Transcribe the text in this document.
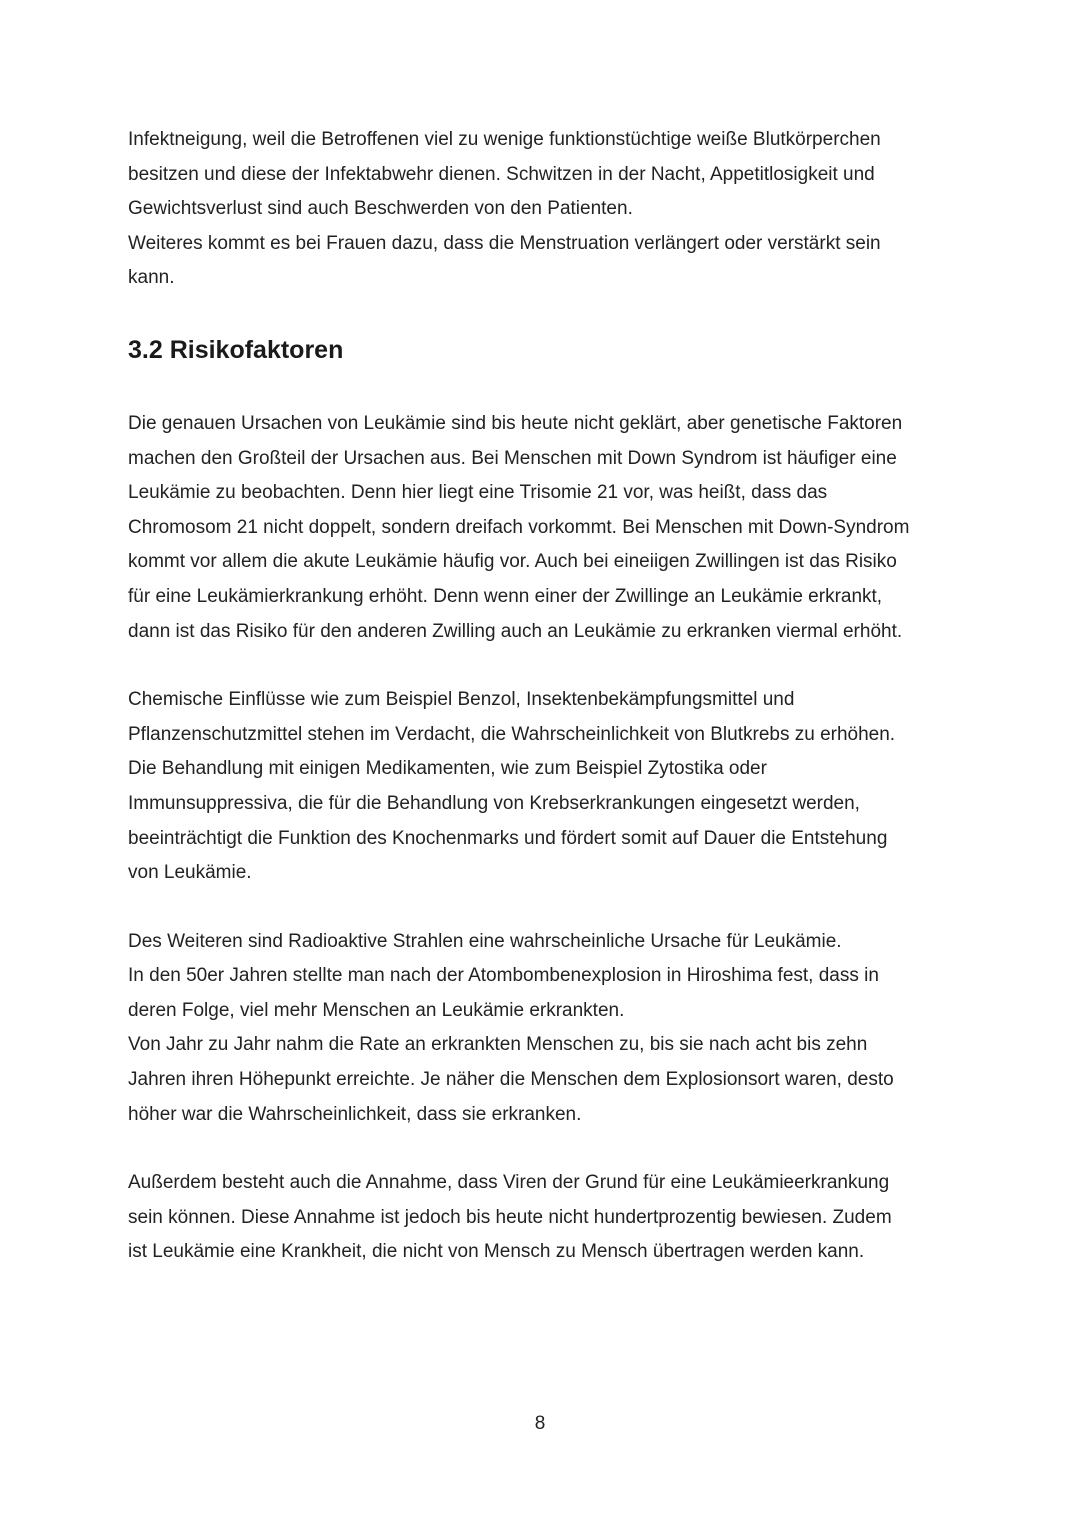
Infektneigung, weil die Betroffenen viel zu wenige funktionstüchtige weiße Blutkörperchen
besitzen und diese der Infektabwehr dienen. Schwitzen in der Nacht, Appetitlosigkeit und
Gewichtsverlust sind auch Beschwerden von den Patienten.
Weiteres kommt es bei Frauen dazu, dass die Menstruation verlängert oder verstärkt sein
kann.

3.2 Risikofaktoren

Die genauen Ursachen von Leukämie sind bis heute nicht geklärt, aber genetische Faktoren
machen den Großteil der Ursachen aus. Bei Menschen mit Down Syndrom ist häufiger eine
Leukämie zu beobachten. Denn hier liegt eine Trisomie 21 vor, was heißt, dass das
Chromosom 21 nicht doppelt, sondern dreifach vorkommt. Bei Menschen mit Down-Syndrom
kommt vor allem die akute Leukämie häufig vor. Auch bei eineiigen Zwillingen ist das Risiko
für eine Leukämierkrankung erhöht. Denn wenn einer der Zwillinge an Leukämie erkrankt,
dann ist das Risiko für den anderen Zwilling auch an Leukämie zu erkranken viermal erhöht.

Chemische Einflüsse wie zum Beispiel Benzol, Insektenbekämpfungsmittel und
Pflanzenschutzmittel stehen im Verdacht, die Wahrscheinlichkeit von Blutkrebs zu erhöhen.
Die Behandlung mit einigen Medikamenten, wie zum Beispiel Zytostika oder
Immunsuppressiva, die für die Behandlung von Krebserkrankungen eingesetzt werden,
beeinträchtigt die Funktion des Knochenmarks und fördert somit auf Dauer die Entstehung
von Leukämie.

Des Weiteren sind Radioaktive Strahlen eine wahrscheinliche Ursache für Leukämie.
In den 50er Jahren stellte man nach der Atombombenexplosion in Hiroshima fest, dass in
deren Folge, viel mehr Menschen an Leukämie erkrankten.
Von Jahr zu Jahr nahm die Rate an erkrankten Menschen zu, bis sie nach acht bis zehn
Jahren ihren Höhepunkt erreichte. Je näher die Menschen dem Explosionsort waren, desto
höher war die Wahrscheinlichkeit, dass sie erkranken.

Außerdem besteht auch die Annahme, dass Viren der Grund für eine Leukämieerkrankung
sein können. Diese Annahme ist jedoch bis heute nicht hundertprozentig bewiesen. Zudem
ist Leukämie eine Krankheit, die nicht von Mensch zu Mensch übertragen werden kann.

8
